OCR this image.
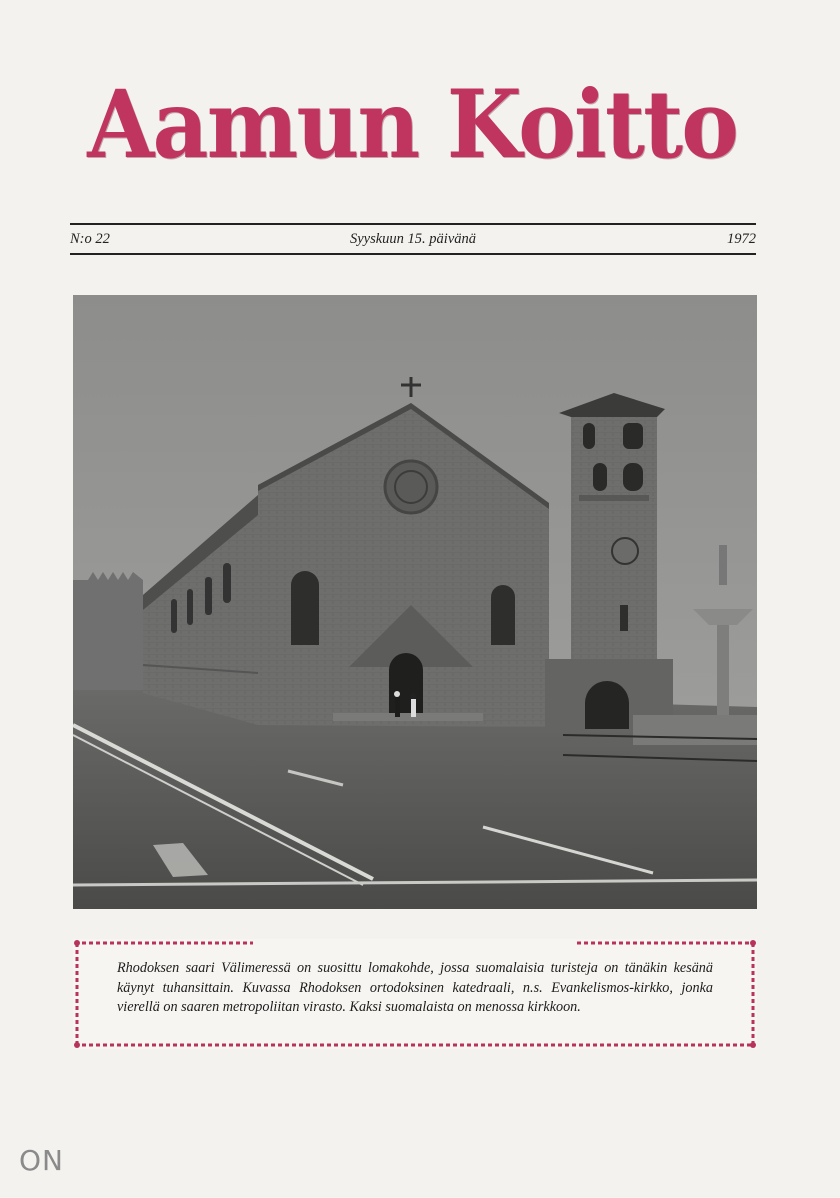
Aamun Koitto
N:o 22	Syyskuun 15. päivänä	1972
Rhodoksen saari Välimeressä on suosittu lomakohde, jossa suomalaisia turisteja on tänäkin kesänä käynyt tuhansittain. Kuvassa Rhodoksen ortodoksinen katedraali, n.s. Evankelismos-kirkko, jonka vierellä on saaren metropoliitan virasto. Kaksi suomalaista on menossa kirkkoon.
ON
